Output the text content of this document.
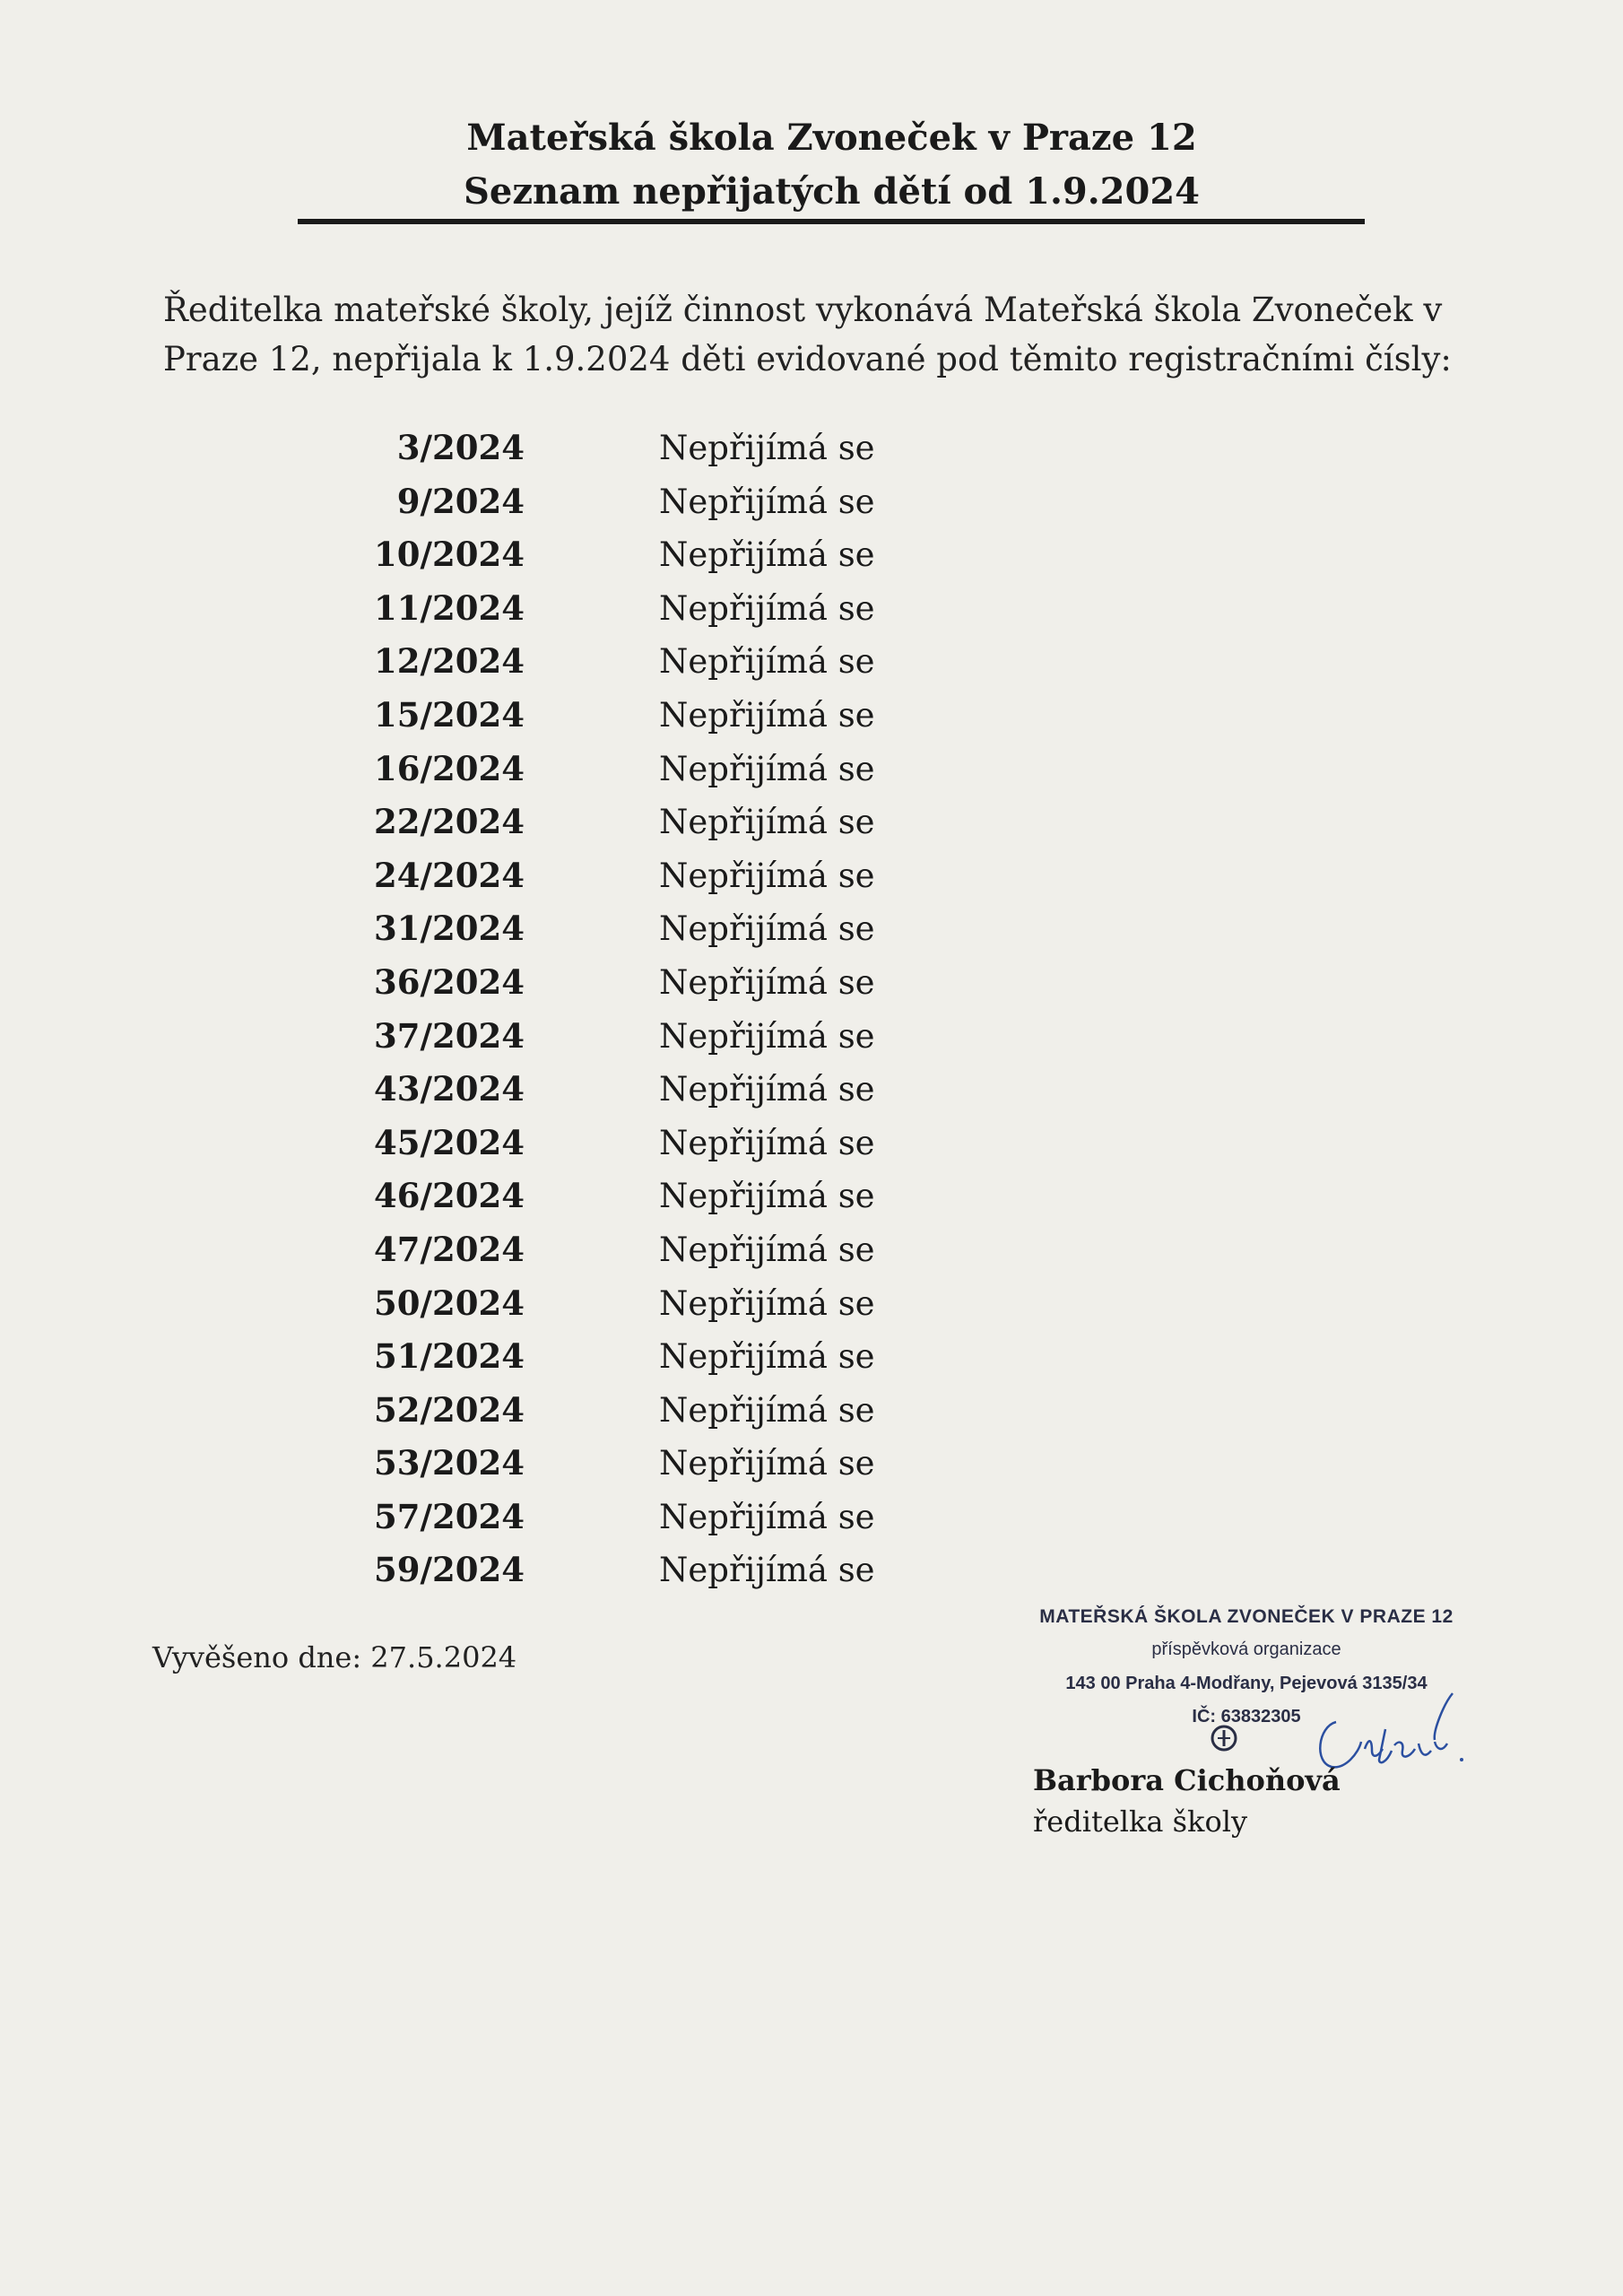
Mateřská škola Zvoneček v Praze 12
Seznam nepřijatých dětí od 1.9.2024
Ředitelka mateřské školy, jejíž činnost vykonává Mateřská škola Zvoneček v Praze 12, nepřijala k 1.9.2024 děti evidované pod těmito registračními čísly:
3/2024	Nepřijímá se
9/2024	Nepřijímá se
10/2024	Nepřijímá se
11/2024	Nepřijímá se
12/2024	Nepřijímá se
15/2024	Nepřijímá se
16/2024	Nepřijímá se
22/2024	Nepřijímá se
24/2024	Nepřijímá se
31/2024	Nepřijímá se
36/2024	Nepřijímá se
37/2024	Nepřijímá se
43/2024	Nepřijímá se
45/2024	Nepřijímá se
46/2024	Nepřijímá se
47/2024	Nepřijímá se
50/2024	Nepřijímá se
51/2024	Nepřijímá se
52/2024	Nepřijímá se
53/2024	Nepřijímá se
57/2024	Nepřijímá se
59/2024	Nepřijímá se
Vyvěšeno dne: 27.5.2024
MATEŘSKÁ ŠKOLA ZVONEČEK V PRAZE 12
příspěvková organizace
143 00 Praha 4-Modřany, Pejevová 3135/34
IČ: 63832305
Barbora Cichoňová
ředitelka školy
